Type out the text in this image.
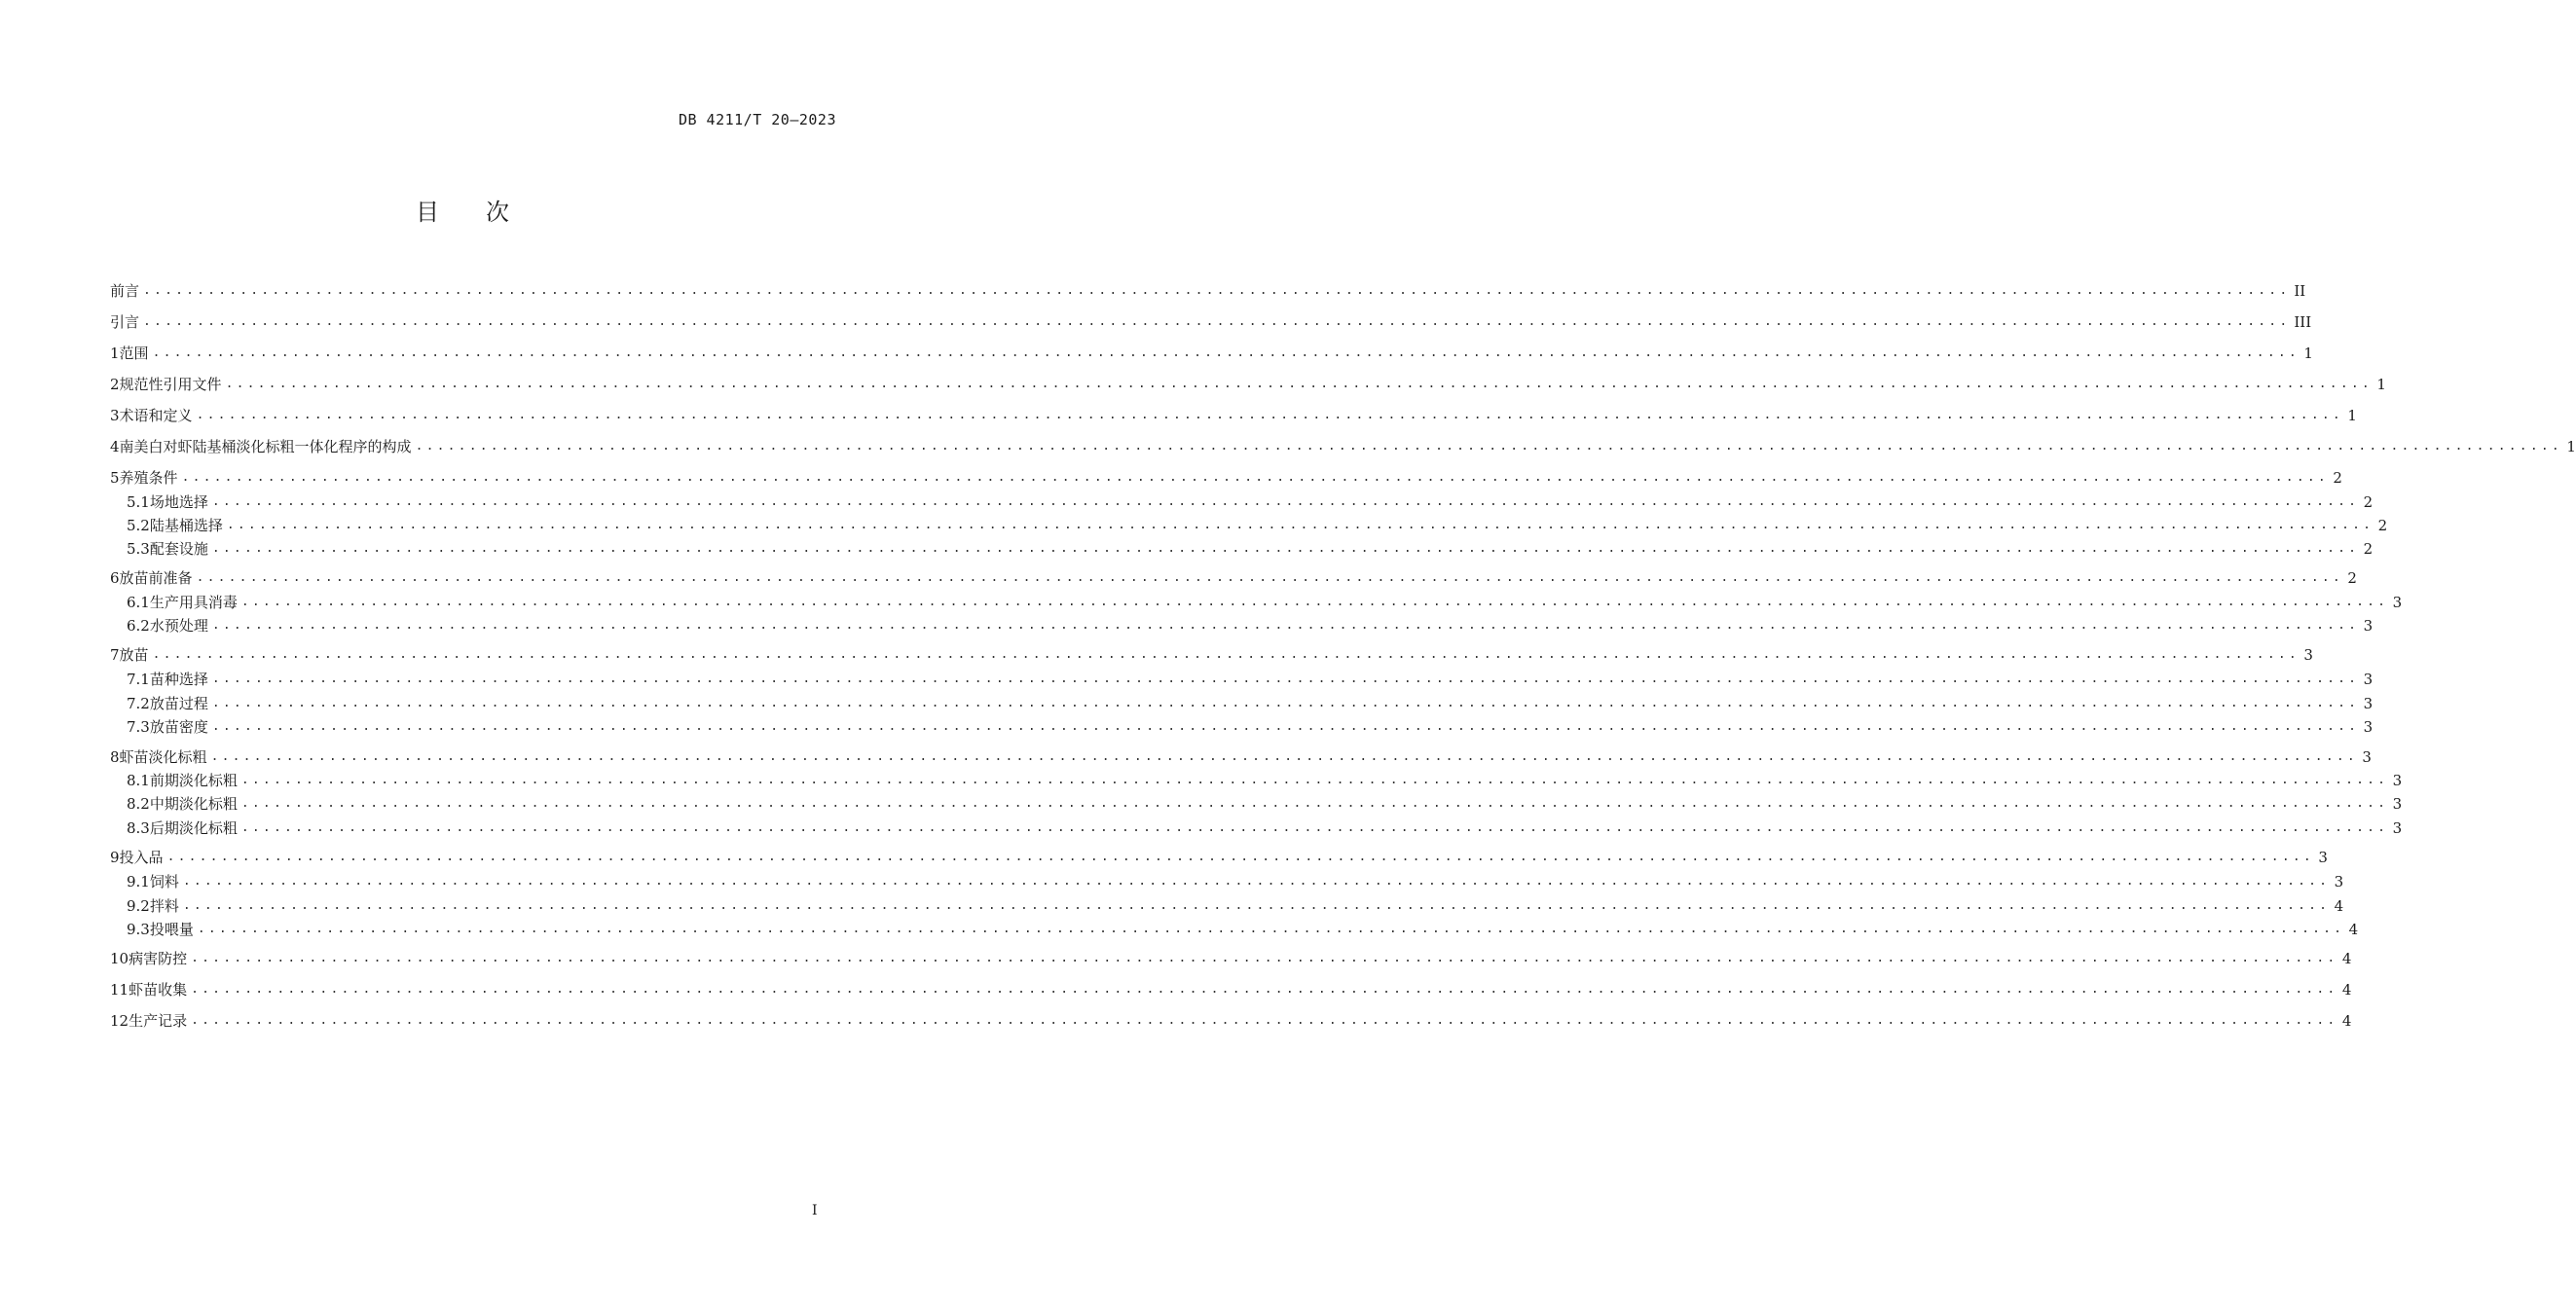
DB 4211/T 20—2023
目　　次
前言 ........................................................................................................................................................................................................ II
引言 ........................................................................................................................................................................................................ III
1 范围 ........................................................................................................................................................................................................ 1
2 规范性引用文件 ........................................................................................................................................................................................................ 1
3 术语和定义 ........................................................................................................................................................................................................ 1
4 南美白对虾陆基桶淡化标粗一体化程序的构成 ........................................................................................................................................................................................................ 1
5 养殖条件 ........................................................................................................................................................................................................ 2
5.1 场地选择 ........................................................................................................................................................................................................ 2
5.2 陆基桶选择 ........................................................................................................................................................................................................ 2
5.3 配套设施 ........................................................................................................................................................................................................ 2
6 放苗前准备 ........................................................................................................................................................................................................ 2
6.1 生产用具消毒 ........................................................................................................................................................................................................ 3
6.2 水预处理 ........................................................................................................................................................................................................ 3
7 放苗 ........................................................................................................................................................................................................ 3
7.1 苗种选择 ........................................................................................................................................................................................................ 3
7.2 放苗过程 ........................................................................................................................................................................................................ 3
7.3 放苗密度 ........................................................................................................................................................................................................ 3
8 虾苗淡化标粗 ........................................................................................................................................................................................................ 3
8.1 前期淡化标粗 ........................................................................................................................................................................................................ 3
8.2 中期淡化标粗 ........................................................................................................................................................................................................ 3
8.3 后期淡化标粗 ........................................................................................................................................................................................................ 3
9 投入品 ........................................................................................................................................................................................................ 3
9.1 饲料 ........................................................................................................................................................................................................ 3
9.2 拌料 ........................................................................................................................................................................................................ 4
9.3 投喂量 ........................................................................................................................................................................................................ 4
10 病害防控 ........................................................................................................................................................................................................ 4
11 虾苗收集 ........................................................................................................................................................................................................ 4
12 生产记录 ........................................................................................................................................................................................................ 4
I
